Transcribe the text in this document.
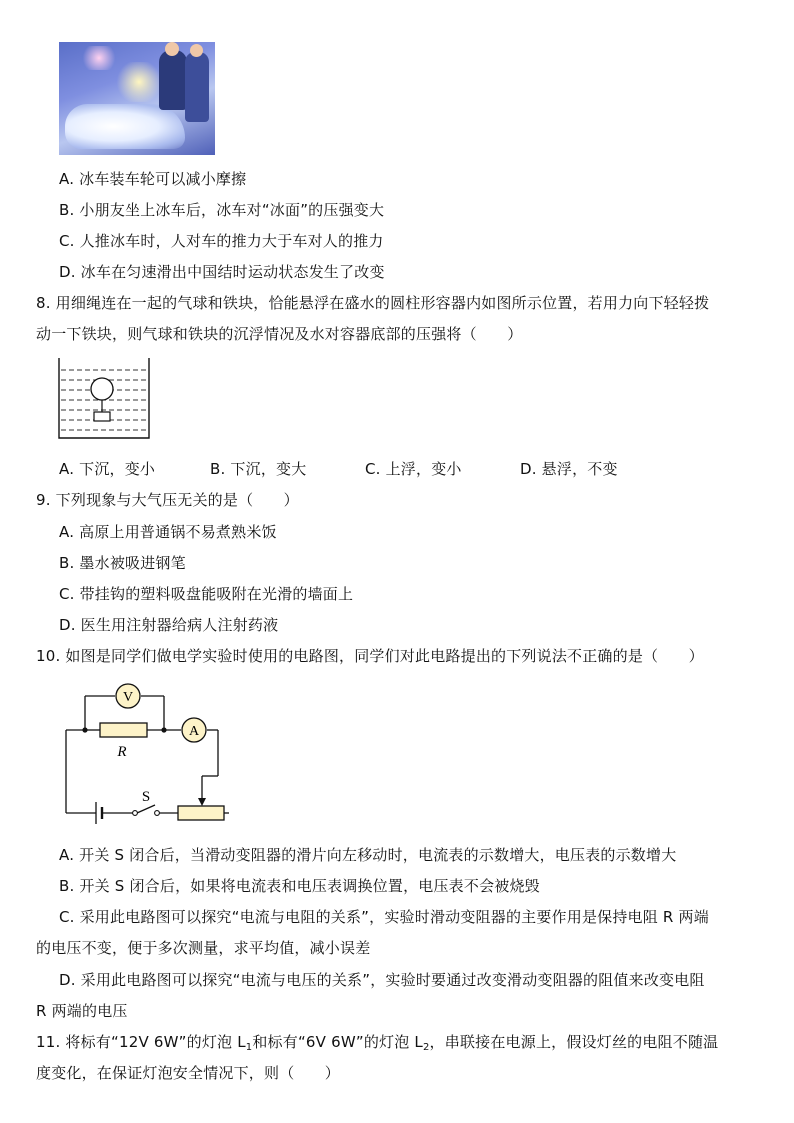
A. 冰车装车轮可以减小摩擦
B. 小朋友坐上冰车后，冰车对“冰面”的压强变大
C. 人推冰车时，人对车的推力大于车对人的推力
D. 冰车在匀速滑出中国结时运动状态发生了改变
8. 用细绳连在一起的气球和铁块，恰能悬浮在盛水的圆柱形容器内如图所示位置，若用力向下轻轻拨
动一下铁块，则气球和铁块的沉浮情况及水对容器底部的压强将（　　）
A. 下沉，变小	B. 下沉，变大	C. 上浮，变小	D. 悬浮，不变
9. 下列现象与大气压无关的是（　　）
A. 高原上用普通锅不易煮熟米饭
B. 墨水被吸进钢笔
C. 带挂钩的塑料吸盘能吸附在光滑的墙面上
D. 医生用注射器给病人注射药液
10. 如图是同学们做电学实验时使用的电路图，同学们对此电路提出的下列说法不正确的是（　　）
V
A
R
S
A. 开关 S 闭合后，当滑动变阻器的滑片向左移动时，电流表的示数增大，电压表的示数增大
B. 开关 S 闭合后，如果将电流表和电压表调换位置，电压表不会被烧毁
C. 采用此电路图可以探究“电流与电阻的关系”，实验时滑动变阻器的主要作用是保持电阻 R 两端
的电压不变，便于多次测量，求平均值，减小误差
D. 采用此电路图可以探究“电流与电压的关系”，实验时要通过改变滑动变阻器的阻值来改变电阻
R 两端的电压
11. 将标有“12V 6W”的灯泡 $L_1$和标有“6V 6W”的灯泡 $L_2$，串联接在电源上，假设灯丝的电阻不随温
度变化，在保证灯泡安全情况下，则（　　）
